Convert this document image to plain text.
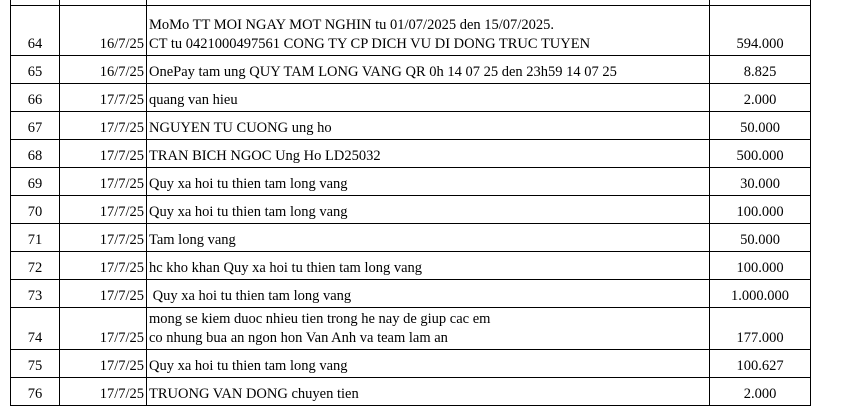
64	16/7/25	MoMo TT MOI NGAY MOT NGHIN tu 01/07/2025 den 15/07/2025.
CT tu 0421000497561 CONG TY CP DICH VU DI DONG TRUC TUYEN	594.000
65	16/7/25	OnePay tam ung QUY TAM LONG VANG QR 0h 14 07 25 den 23h59 14 07 25	8.825
66	17/7/25	quang van hieu	2.000
67	17/7/25	NGUYEN TU CUONG ung ho	50.000
68	17/7/25	TRAN BICH NGOC Ung Ho LD25032	500.000
69	17/7/25	Quy xa hoi tu thien tam long vang	30.000
70	17/7/25	Quy xa hoi tu thien tam long vang	100.000
71	17/7/25	Tam long vang	50.000
72	17/7/25	hc kho khan Quy xa hoi tu thien tam long vang	100.000
73	17/7/25	Quy xa hoi tu thien tam long vang	1.000.000
74	17/7/25	mong se kiem duoc nhieu tien trong he nay de giup cac em
co nhung bua an ngon hon Van Anh va team lam an	177.000
75	17/7/25	Quy xa hoi tu thien tam long vang	100.627
76	17/7/25	TRUONG VAN DONG chuyen tien	2.000
